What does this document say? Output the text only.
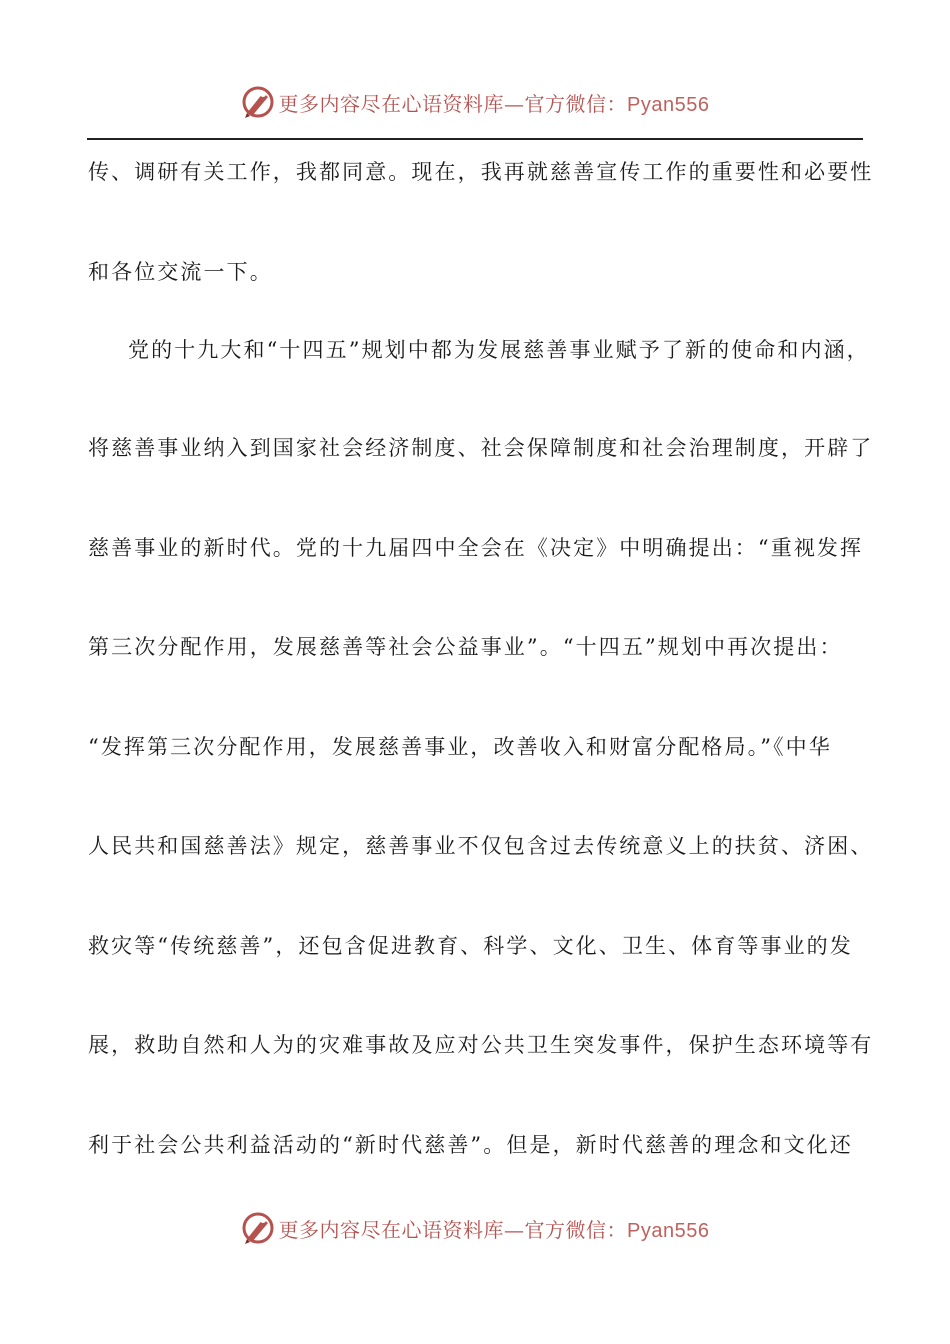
更多内容尽在心语资料库—官方微信：Pyan556
传、调研有关工作，我都同意。现在，我再就慈善宣传工作的重要性和必要性
和各位交流一下。
党的十九大和“十四五”规划中都为发展慈善事业赋予了新的使命和内涵，
将慈善事业纳入到国家社会经济制度、社会保障制度和社会治理制度，开辟了
慈善事业的新时代。党的十九届四中全会在《决定》中明确提出：“重视发挥
第三次分配作用，发展慈善等社会公益事业”。“十四五”规划中再次提出：
“发挥第三次分配作用，发展慈善事业，改善收入和财富分配格局。”《中华
人民共和国慈善法》规定，慈善事业不仅包含过去传统意义上的扶贫、济困、
救灾等“传统慈善”，还包含促进教育、科学、文化、卫生、体育等事业的发
展，救助自然和人为的灾难事故及应对公共卫生突发事件，保护生态环境等有
利于社会公共利益活动的“新时代慈善”。但是，新时代慈善的理念和文化还
更多内容尽在心语资料库—官方微信：Pyan556
